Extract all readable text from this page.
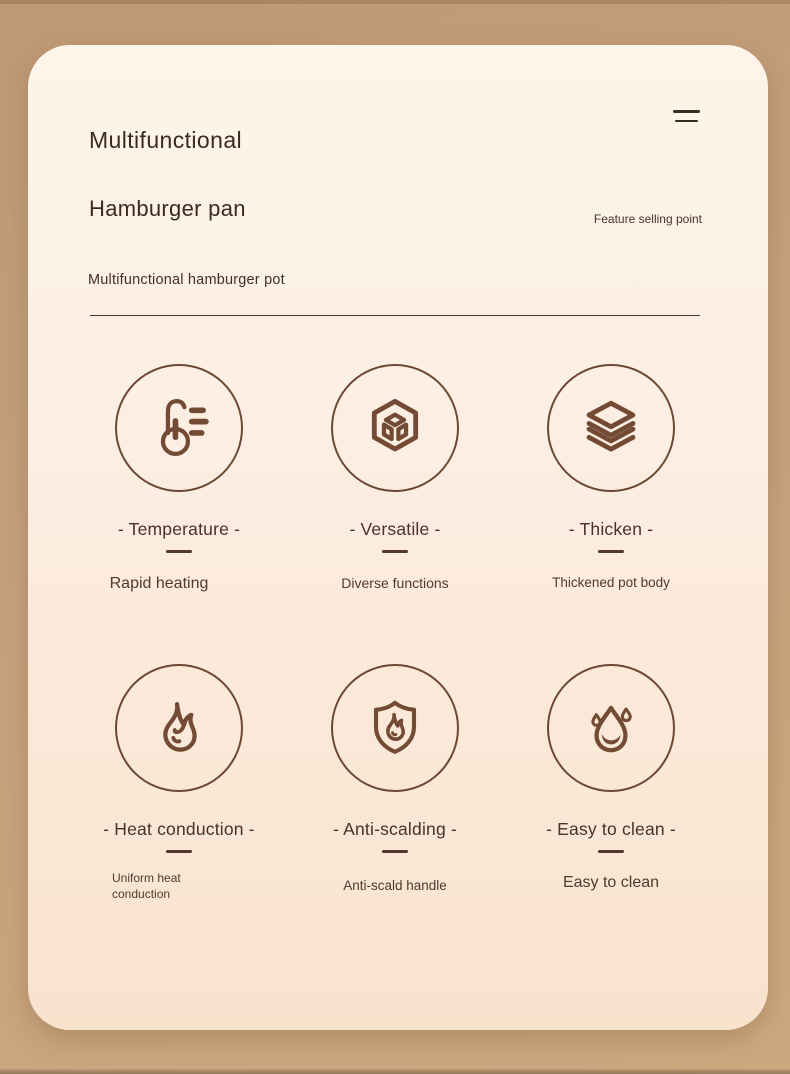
Multifunctional
Hamburger pan	Feature selling point
Multifunctional hamburger pot
- Temperature -
Rapid heating
- Versatile -
Diverse functions
- Thicken -
Thickened pot body
- Heat conduction -
Uniform heat conduction
- Anti-scalding -
Anti-scald handle
- Easy to clean -
Easy to clean
